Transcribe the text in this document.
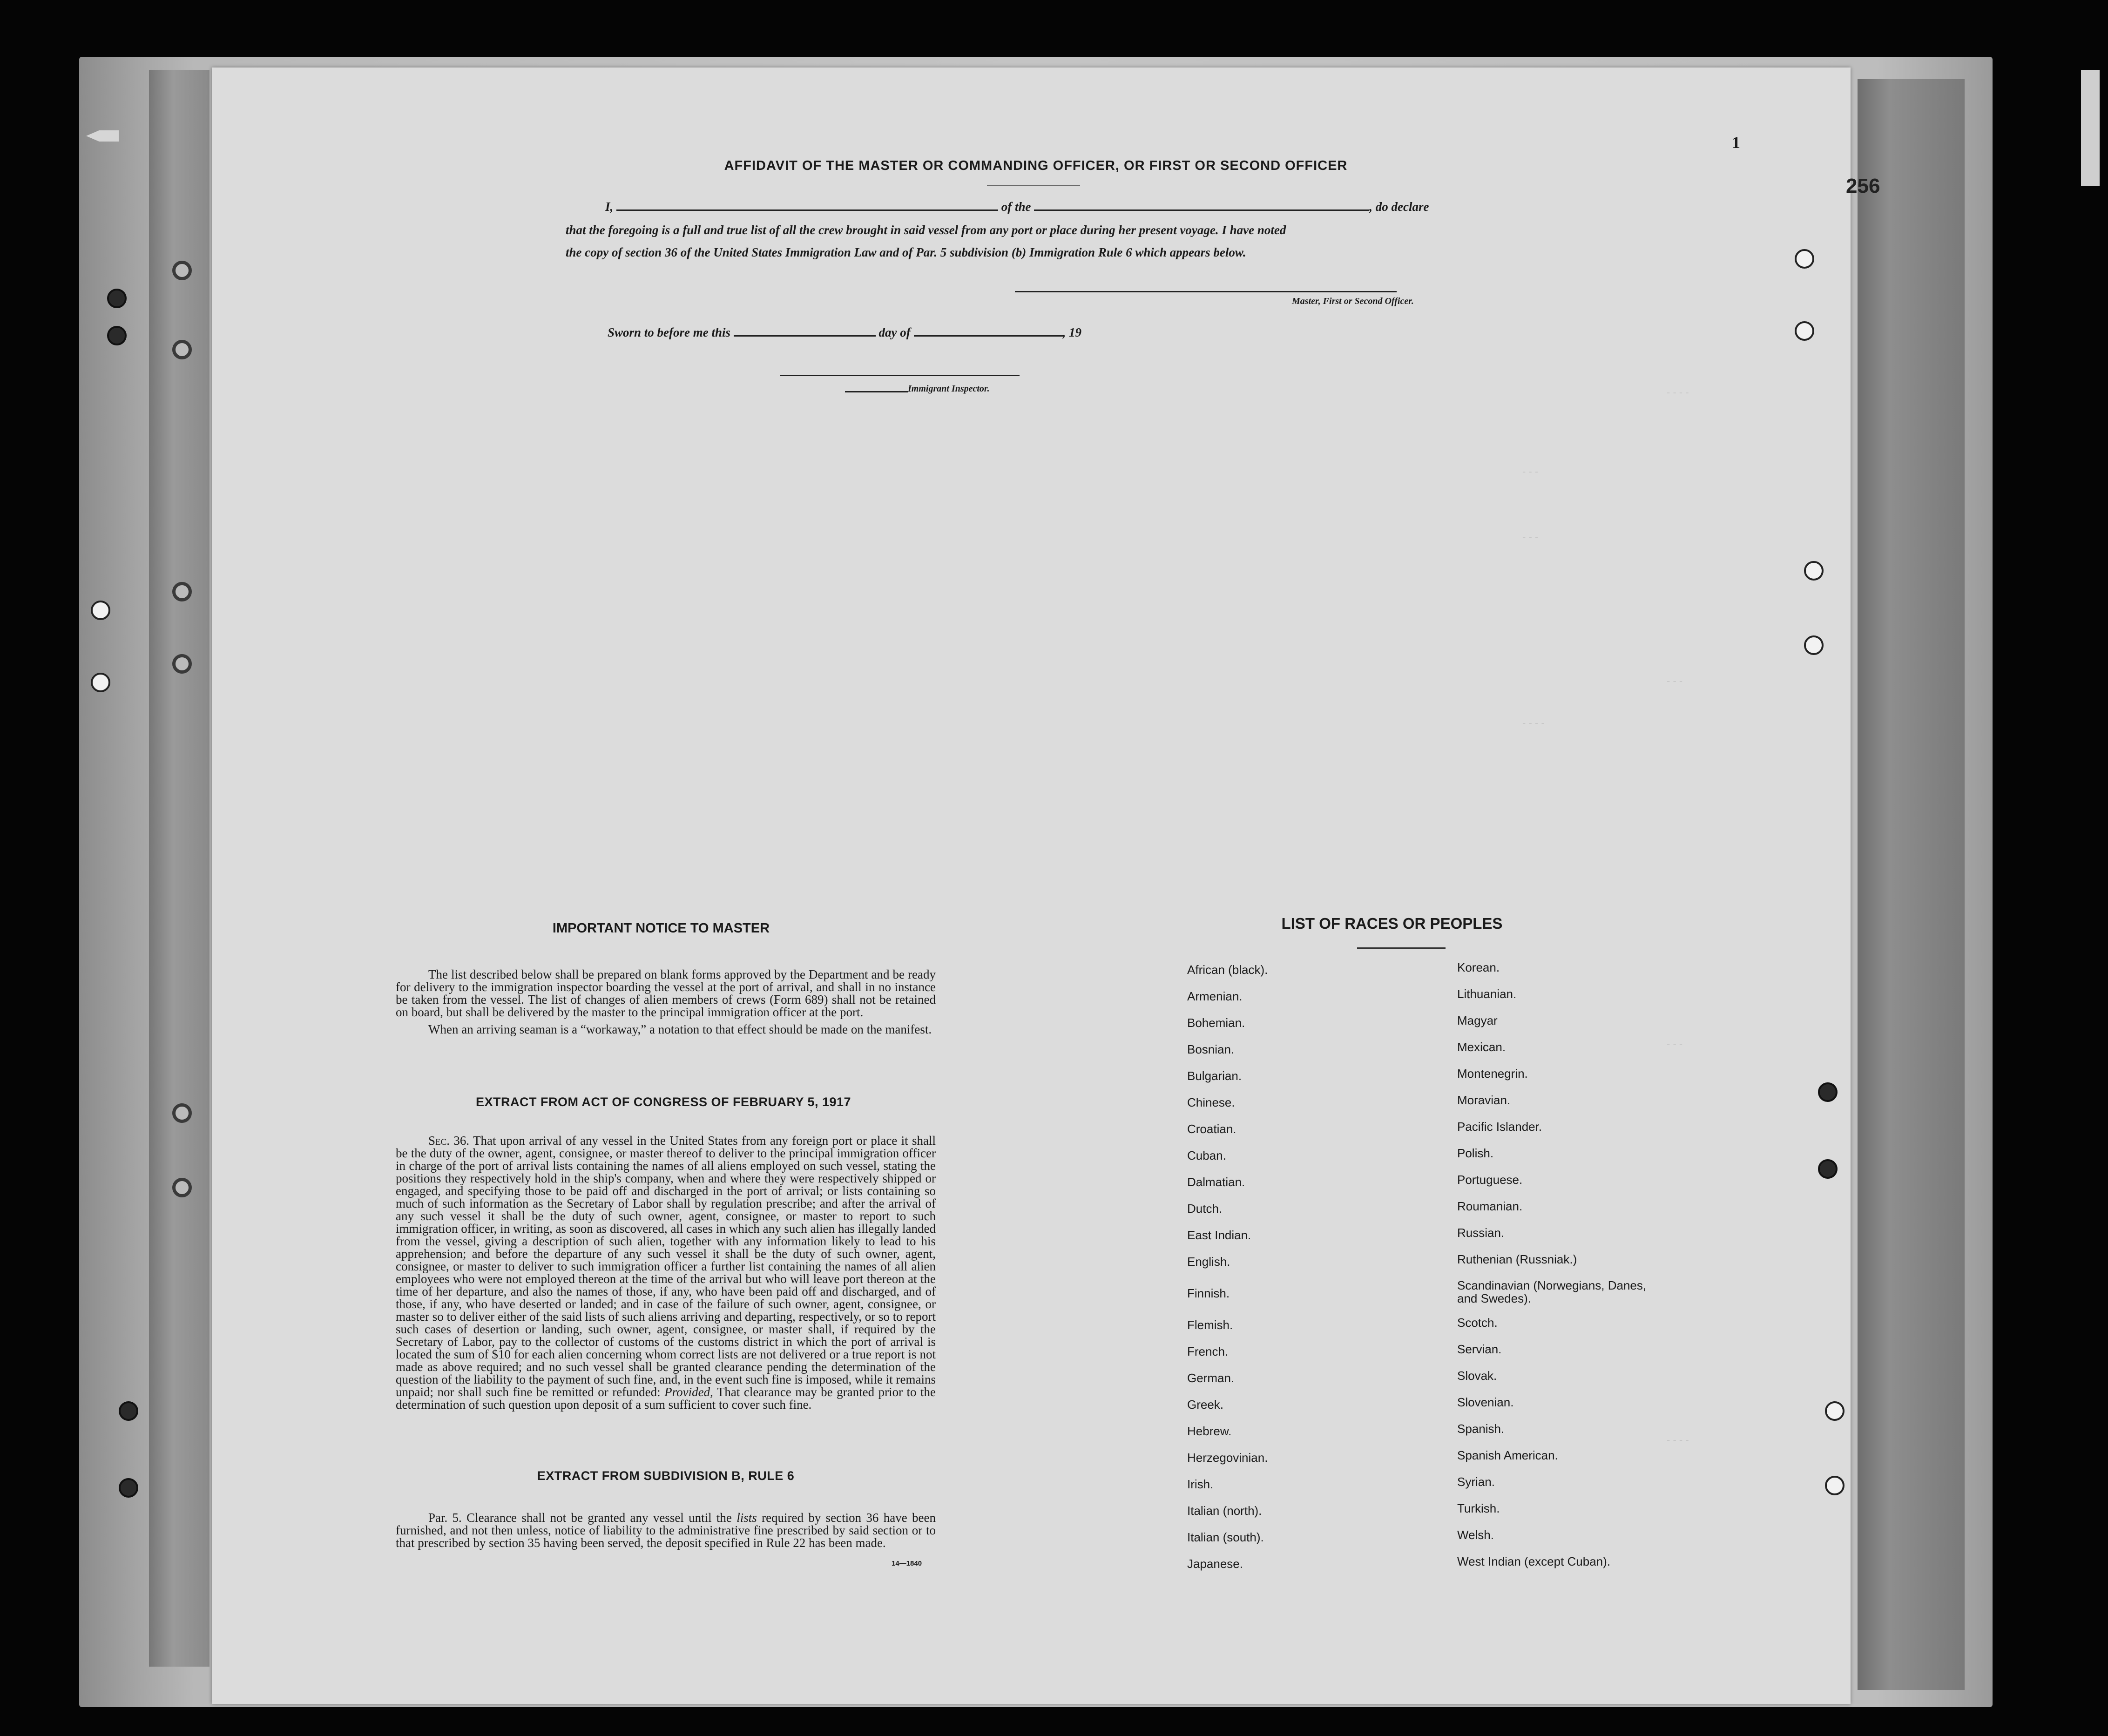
256
1
- - - -
- - -
- - -
- - -
- - - -
- - -
- - - -
AFFIDAVIT OF THE MASTER OR COMMANDING OFFICER, OR FIRST OR SECOND OFFICER
I,	of the	, do declare
that the foregoing is a full and true list of all the crew brought in said vessel from any port or place during her present voyage. I have noted
the copy of section 36 of the United States Immigration Law and of Par. 5 subdivision (b) Immigration Rule 6 which appears below.
Master, First or Second Officer.
Sworn to before me this	day of	, 19
Immigrant Inspector.
IMPORTANT NOTICE TO MASTER

The list described below shall be prepared on blank forms approved by the Department and be ready for delivery to the immigration inspector boarding the vessel at the port of arrival, and shall in no instance be taken from the vessel. The list of changes of alien members of crews (Form 689) shall not be retained on board, but shall be delivered by the master to the principal immigration officer at the port.

When an arriving seaman is a “workaway,” a notation to that effect should be made on the manifest.

EXTRACT FROM ACT OF CONGRESS OF FEBRUARY 5, 1917

Sec. 36. That upon arrival of any vessel in the United States from any foreign port or place it shall be the duty of the owner, agent, consignee, or master thereof to deliver to the principal immigration officer in charge of the port of arrival lists containing the names of all aliens employed on such vessel, stating the positions they respectively hold in the ship's company, when and where they were respectively shipped or engaged, and specifying those to be paid off and discharged in the port of arrival; or lists containing so much of such information as the Secretary of Labor shall by regulation prescribe; and after the arrival of any such vessel it shall be the duty of such owner, agent, consignee, or master to report to such immigration officer, in writing, as soon as discovered, all cases in which any such alien has illegally landed from the vessel, giving a description of such alien, together with any information likely to lead to his apprehension; and before the departure of any such vessel it shall be the duty of such owner, agent, consignee, or master to deliver to such immigration officer a further list containing the names of all alien employees who were not employed thereon at the time of the arrival but who will leave port thereon at the time of her departure, and also the names of those, if any, who have been paid off and discharged, and of those, if any, who have deserted or landed; and in case of the failure of such owner, agent, consignee, or master so to deliver either of the said lists of such aliens arriving and departing, respectively, or so to report such cases of desertion or landing, such owner, agent, consignee, or master shall, if required by the Secretary of Labor, pay to the collector of customs of the customs district in which the port of arrival is located the sum of $10 for each alien concerning whom correct lists are not delivered or a true report is not made as above required; and no such vessel shall be granted clearance pending the determination of the question of the liability to the payment of such fine, and, in the event such fine is imposed, while it remains unpaid; nor shall such fine be remitted or refunded: Provided, That clearance may be granted prior to the determination of such question upon deposit of a sum sufficient to cover such fine.

EXTRACT FROM SUBDIVISION B, RULE 6

Par. 5. Clearance shall not be granted any vessel until the lists required by section 36 have been furnished, and not then unless, notice of liability to the administrative fine prescribed by said section or to that prescribed by section 35 having been served, the deposit specified in Rule 22 has been made.

14—1840
LIST OF RACES OR PEOPLES
African (black).
Armenian.
Bohemian.
Bosnian.
Bulgarian.
Chinese.
Croatian.
Cuban.
Dalmatian.
Dutch.
East Indian.
English.
Finnish.
Flemish.
French.
German.
Greek.
Hebrew.
Herzegovinian.
Irish.
Italian (north).
Italian (south).
Japanese.
Korean.
Lithuanian.
Magyar
Mexican.
Montenegrin.
Moravian.
Pacific Islander.
Polish.
Portuguese.
Roumanian.
Russian.
Ruthenian (Russniak.)
Scandinavian (Norwegians, Danes, and Swedes).
Scotch.
Servian.
Slovak.
Slovenian.
Spanish.
Spanish American.
Syrian.
Turkish.
Welsh.
West Indian (except Cuban).
